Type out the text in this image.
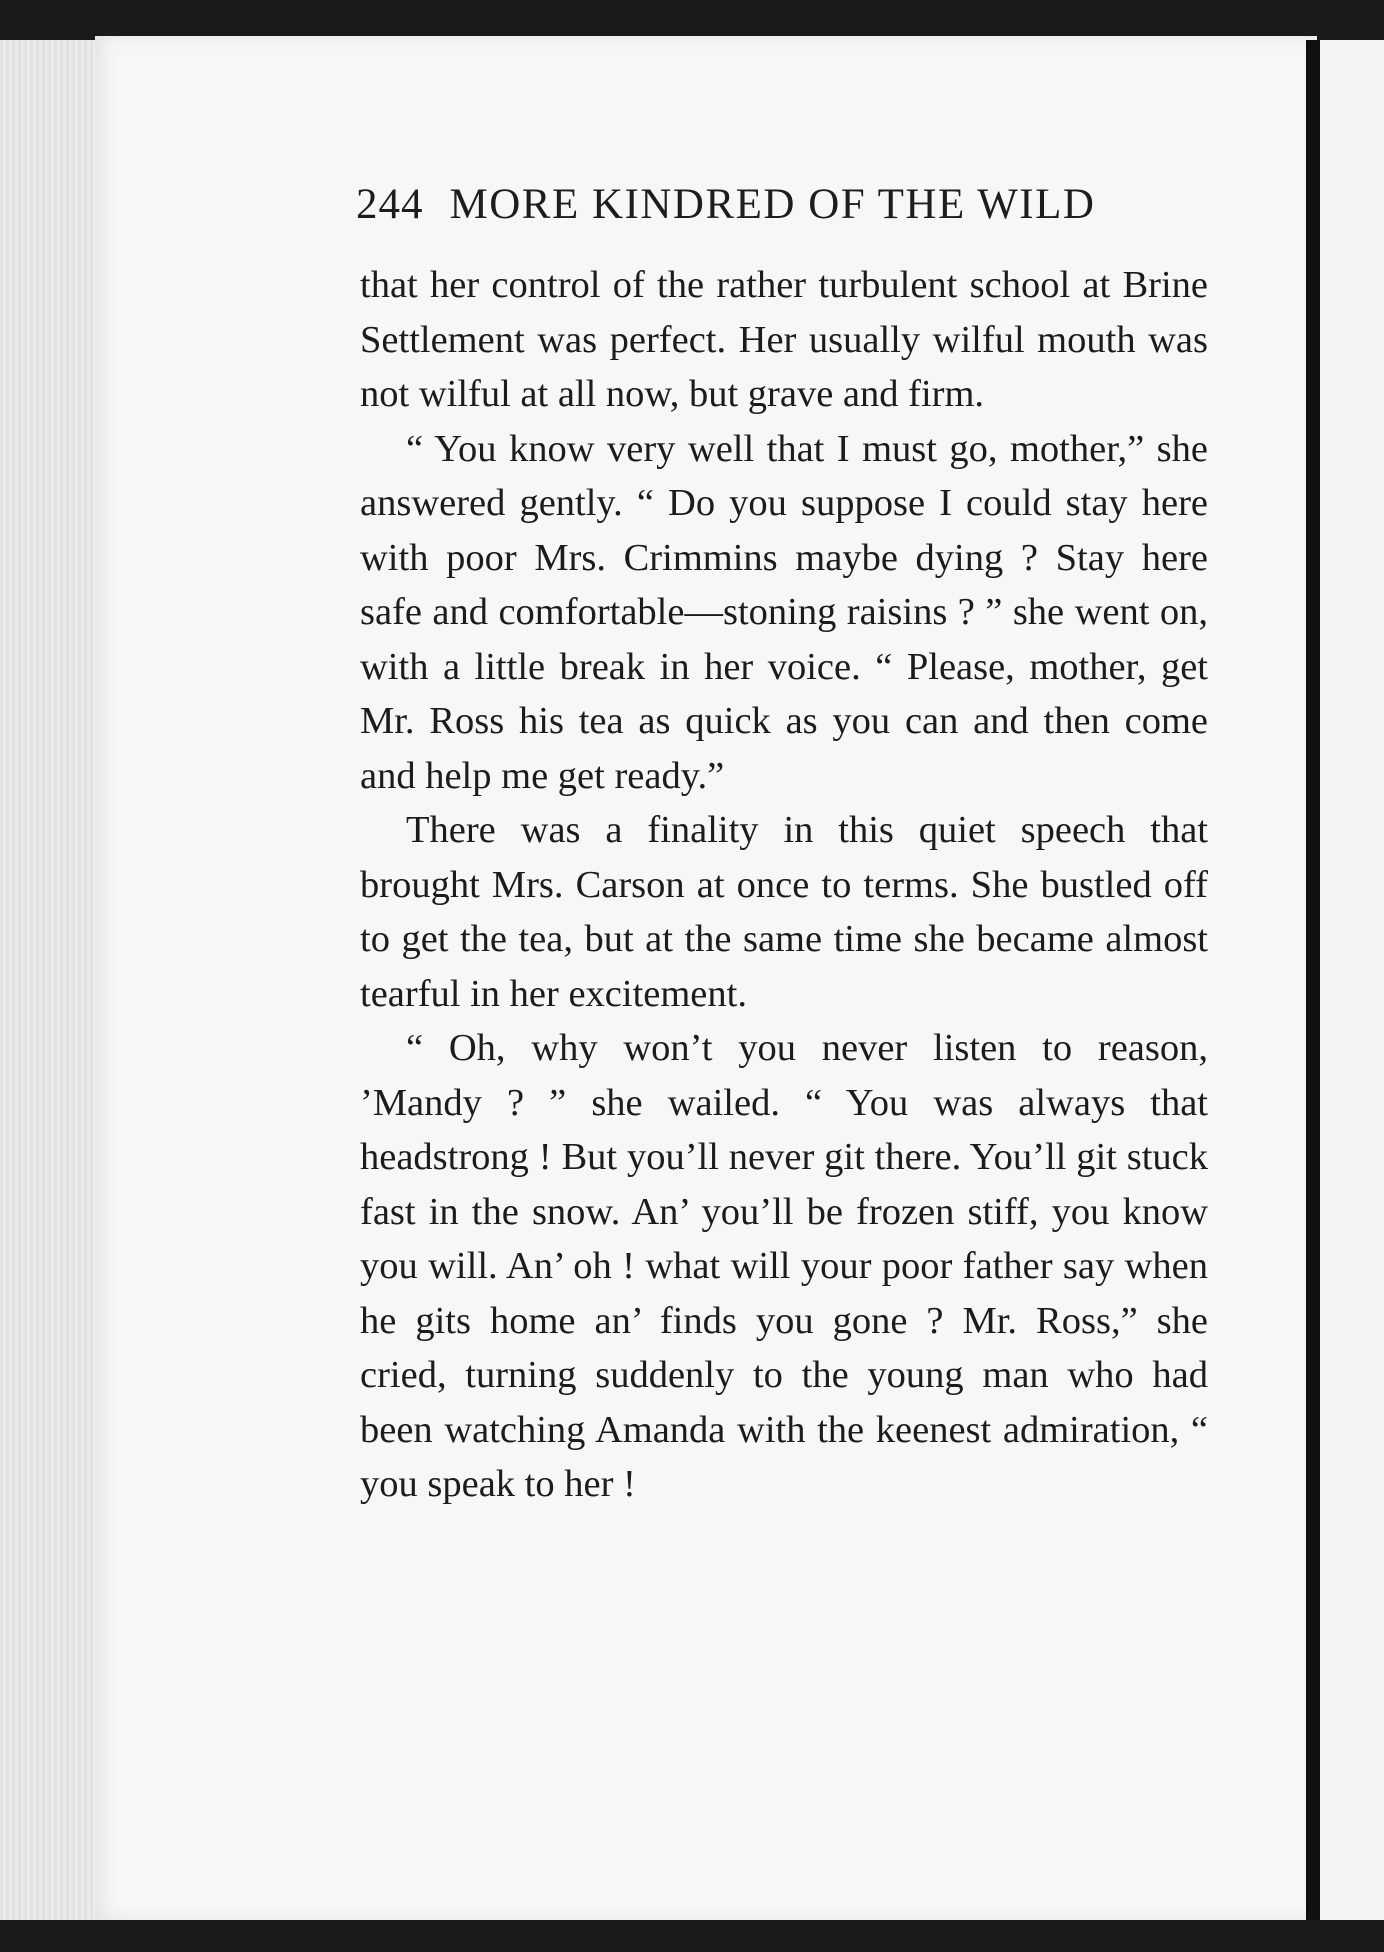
244 MORE KINDRED OF THE WILD

that her control of the rather turbulent school at Brine Settlement was perfect. Her usually wilful mouth was not wilful at all now, but grave and firm.

“ You know very well that I must go, mother,” she answered gently. “ Do you suppose I could stay here with poor Mrs. Crimmins maybe dying ? Stay here safe and comfortable—stoning raisins ? ” she went on, with a little break in her voice. “ Please, mother, get Mr. Ross his tea as quick as you can and then come and help me get ready.”

There was a finality in this quiet speech that brought Mrs. Carson at once to terms. She bustled off to get the tea, but at the same time she became almost tearful in her excitement.

“ Oh, why won’t you never listen to reason, ’Mandy ? ” she wailed. “ You was always that headstrong ! But you’ll never git there. You’ll git stuck fast in the snow. An’ you’ll be frozen stiff, you know you will. An’ oh ! what will your poor father say when he gits home an’ finds you gone ? Mr. Ross,” she cried, turning suddenly to the young man who had been watching Amanda with the keenest admiration, “ you speak to her !
